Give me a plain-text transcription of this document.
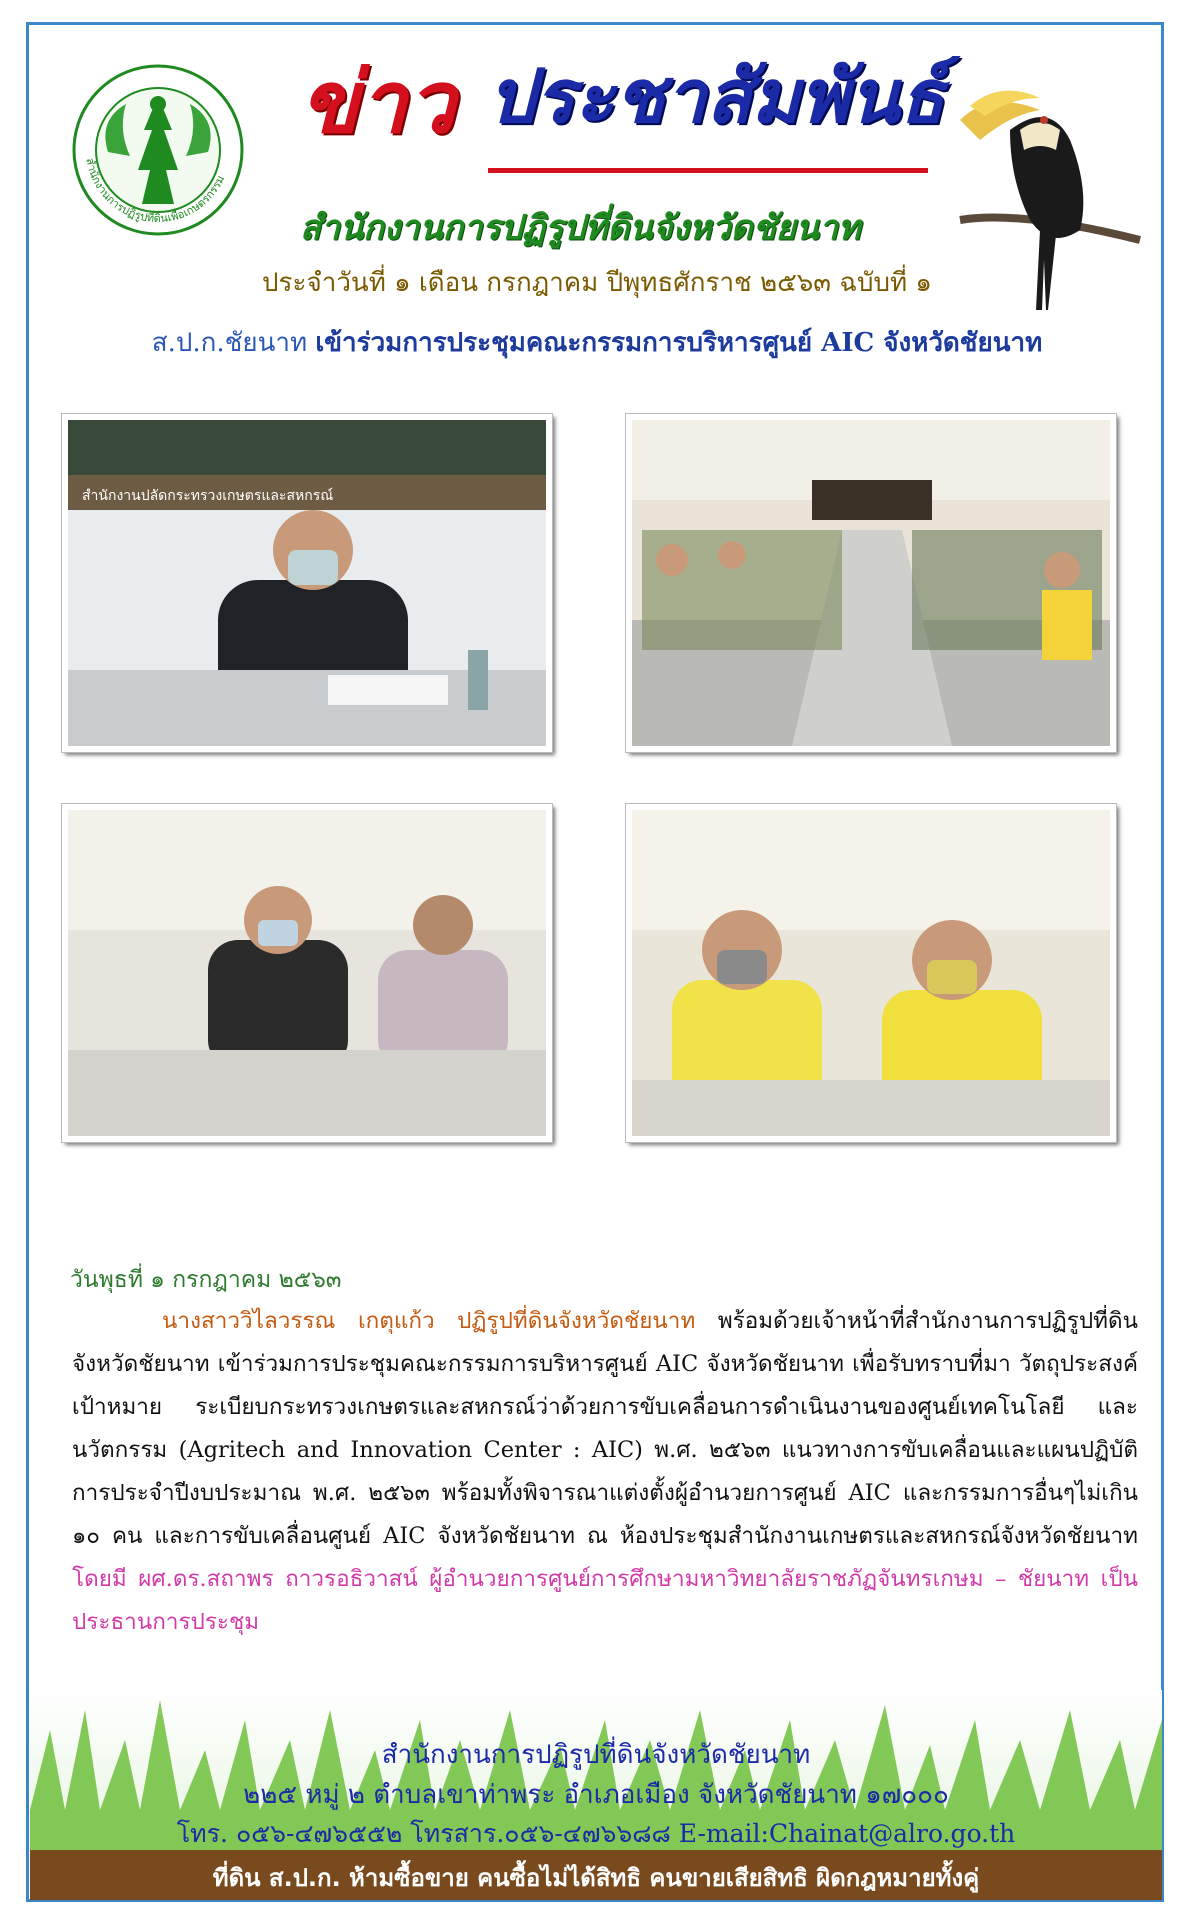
สำนักงานการปฏิรูปที่ดินเพื่อเกษตรกรรม
ข่าว ประชาสัมพันธ์
สำนักงานการปฏิรูปที่ดินจังหวัดชัยนาท
ประจำวันที่ ๑ เดือน กรกฎาคม ปีพุทธศักราช ๒๕๖๓ ฉบับที่ ๑
ส.ป.ก.ชัยนาท เข้าร่วมการประชุมคณะกรรมการบริหารศูนย์ AIC จังหวัดชัยนาท
สำนักงานปลัดกระทรวงเกษตรและสหกรณ์
วันพุธที่ ๑ กรกฎาคม ๒๕๖๓
นางสาววิไลวรรณ เกตุแก้ว ปฏิรูปที่ดินจังหวัดชัยนาท พร้อมด้วยเจ้าหน้าที่สำนักงานการปฏิรูปที่ดินจังหวัดชัยนาท เข้าร่วมการประชุมคณะกรรมการบริหารศูนย์ AIC จังหวัดชัยนาท เพื่อรับทราบที่มา วัตถุประสงค์ เป้าหมาย ระเบียบกระทรวงเกษตรและสหกรณ์ว่าด้วยการขับเคลื่อนการดำเนินงานของศูนย์เทคโนโลยี และนวัตกรรม (Agritech and Innovation Center : AIC) พ.ศ. ๒๕๖๓ แนวทางการขับเคลื่อนและแผนปฏิบัติการประจำปีงบประมาณ พ.ศ. ๒๕๖๓ พร้อมทั้งพิจารณาแต่งตั้งผู้อำนวยการศูนย์ AIC และกรรมการอื่นๆไม่เกิน ๑๐ คน และการขับเคลื่อนศูนย์ AIC จังหวัดชัยนาท ณ ห้องประชุมสำนักงานเกษตรและสหกรณ์จังหวัดชัยนาท โดยมี ผศ.ดร.สถาพร ถาวรอธิวาสน์ ผู้อำนวยการศูนย์การศึกษามหาวิทยาลัยราชภัฏจันทรเกษม – ชัยนาท เป็นประธานการประชุม
สำนักงานการปฏิรูปที่ดินจังหวัดชัยนาท
๒๒๕ หมู่ ๒ ตำบลเขาท่าพระ อำเภอเมือง จังหวัดชัยนาท ๑๗๐๐๐
โทร. ๐๕๖-๔๗๖๕๕๒ โทรสาร.๐๕๖-๔๗๖๖๘๘ E-mail:Chainat@alro.go.th
ที่ดิน ส.ป.ก. ห้ามซื้อขาย คนซื้อไม่ได้สิทธิ คนขายเสียสิทธิ ผิดกฎหมายทั้งคู่
